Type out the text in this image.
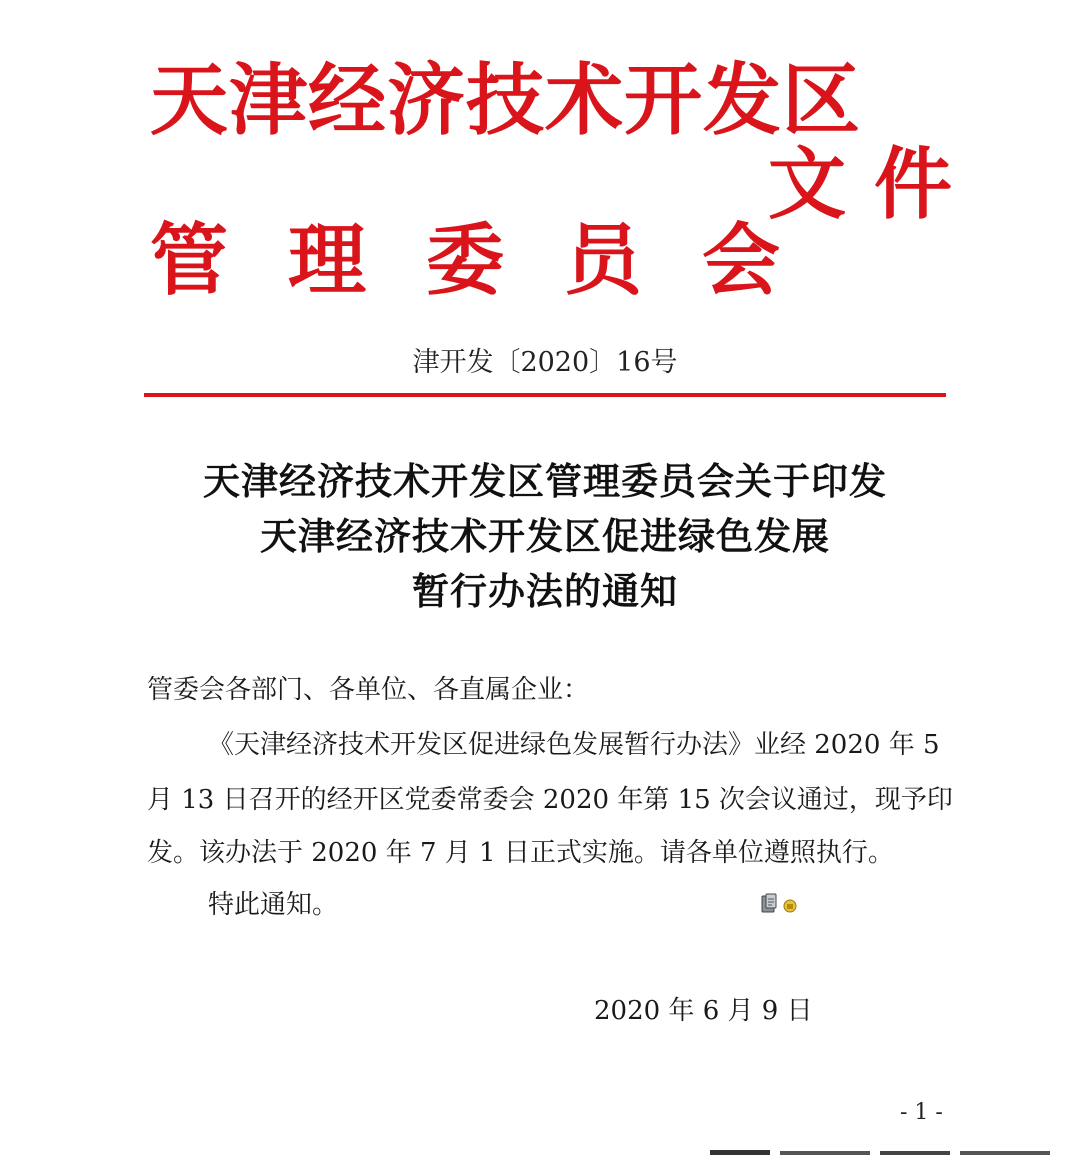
天津经济技术开发区
文件
管理委员会
津开发〔2020〕16号
天津经济技术开发区管理委员会关于印发
天津经济技术开发区促进绿色发展
暂行办法的通知
管委会各部门、各单位、各直属企业：
《天津经济技术开发区促进绿色发展暂行办法》业经 2020 年 5
月 13 日召开的经开区党委常委会 2020 年第 15 次会议通过，现予印
发。该办法于 2020 年 7 月 1 日正式实施。请各单位遵照执行。
特此通知。
2020 年 6 月 9 日
- 1 -
